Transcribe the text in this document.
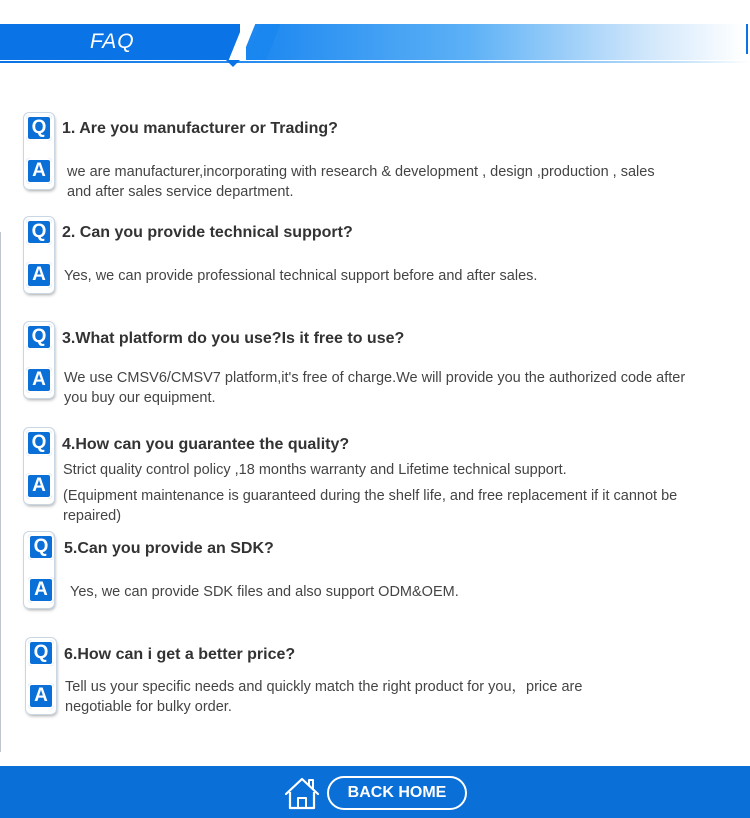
FAQ
Q
A
1. Are you manufacturer or Trading?
we are manufacturer,incorporating with research & development , design ,production , sales
and after sales service department.
Q
A
2. Can you provide technical support?
Yes, we can provide professional technical support before and after sales.
Q
A
3.What platform do you use?Is it free to use?
We use CMSV6/CMSV7 platform,it's free of charge.We will provide you the authorized code after
you buy our equipment.
Q
A
4.How can you guarantee the quality?
Strict quality control policy ,18 months warranty and Lifetime technical support.
(Equipment maintenance is guaranteed during the shelf life, and free replacement if it cannot be
repaired)
Q
A
5.Can you provide an SDK?
Yes, we can provide SDK files and also support ODM&OEM.
Q
A
6.How can i get a better price?
Tell us your specific needs and quickly match the right product for you，price are
negotiable for bulky order.
BACK HOME
